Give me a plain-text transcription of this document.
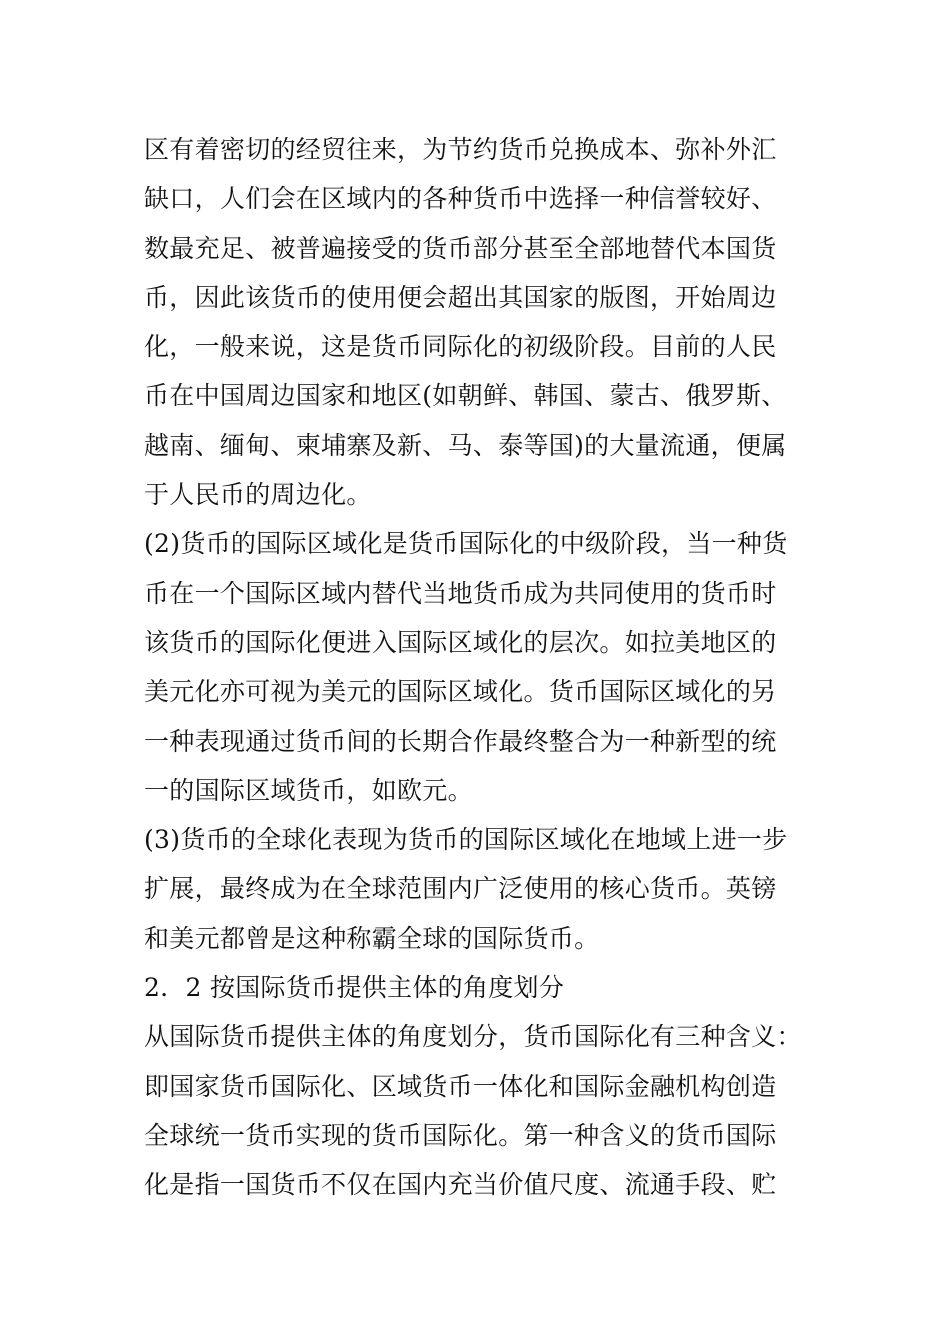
区有着密切的经贸往来，为节约货币兑换成本、弥补外汇
缺口，人们会在区域内的各种货币中选择一种信誉较好、
数最充足、被普遍接受的货币部分甚至全部地替代本国货
币，因此该货币的使用便会超出其国家的版图，开始周边
化，一般来说，这是货币同际化的初级阶段。目前的人民
币在中国周边国家和地区(如朝鲜、韩国、蒙古、俄罗斯、
越南、缅甸、柬埔寨及新、马、泰等国)的大量流通，便属
于人民币的周边化。
(2)货币的国际区域化是货币国际化的中级阶段，当一种货
币在一个国际区域内替代当地货币成为共同使用的货币时
该货币的国际化便进入国际区域化的层次。如拉美地区的
美元化亦可视为美元的国际区域化。货币国际区域化的另
一种表现通过货币间的长期合作最终整合为一种新型的统
一的国际区域货币，如欧元。
(3)货币的全球化表现为货币的国际区域化在地域上进一步
扩展，最终成为在全球范围内广泛使用的核心货币。英镑
和美元都曾是这种称霸全球的国际货币。
2．2 按国际货币提供主体的角度划分
从国际货币提供主体的角度划分，货币国际化有三种含义：
即国家货币国际化、区域货币一体化和国际金融机构创造
全球统一货币实现的货币国际化。第一种含义的货币国际
化是指一国货币不仅在国内充当价值尺度、流通手段、贮
